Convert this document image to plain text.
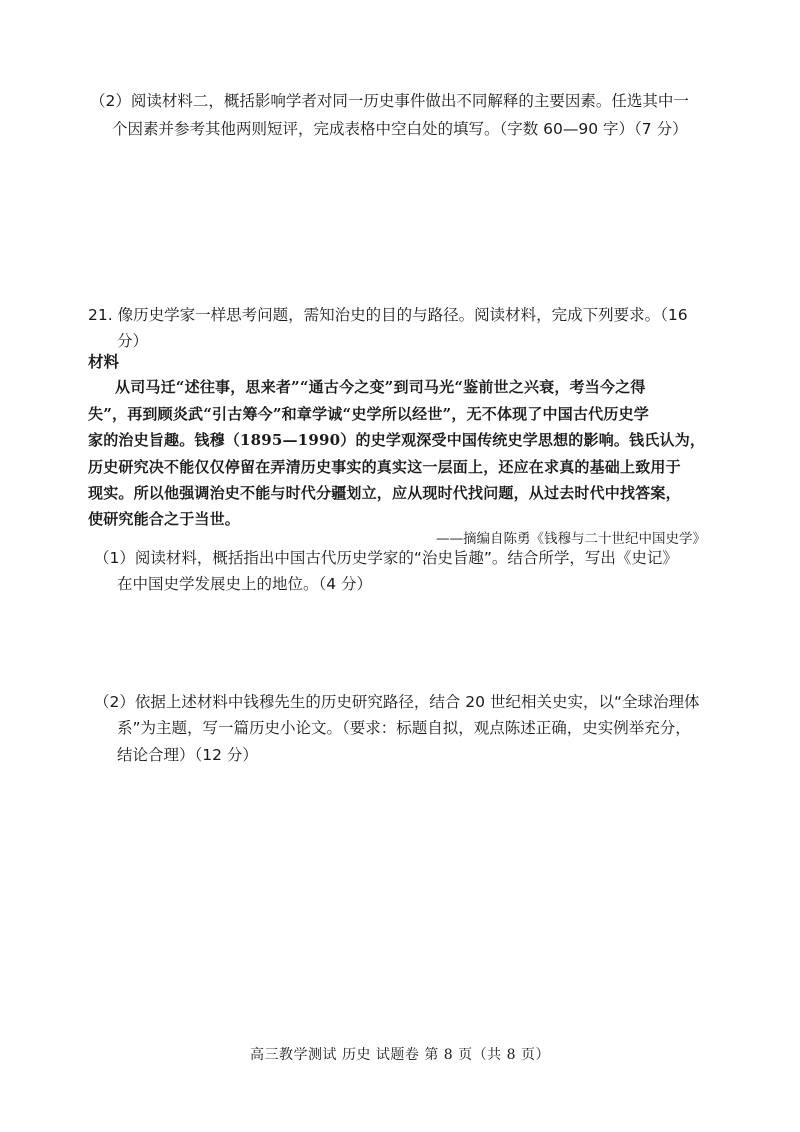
（2）阅读材料二，概括影响学者对同一历史事件做出不同解释的主要因素。任选其中一
个因素并参考其他两则短评，完成表格中空白处的填写。（字数 60—90 字）（7 分）
21. 像历史学家一样思考问题，需知治史的目的与路径。阅读材料，完成下列要求。（16
分）
材料
从司马迁“述往事，思来者”“通古今之变”到司马光“鉴前世之兴衰，考当今之得
失”，再到顾炎武“引古筹今”和章学诚“史学所以经世”，无不体现了中国古代历史学
家的治史旨趣。钱穆（1895—1990）的史学观深受中国传统史学思想的影响。钱氏认为，
历史研究决不能仅仅停留在弄清历史事实的真实这一层面上，还应在求真的基础上致用于
现实。所以他强调治史不能与时代分疆划立，应从现时代找问题，从过去时代中找答案，
使研究能合之于当世。
——摘编自陈勇《钱穆与二十世纪中国史学》
（1）阅读材料，概括指出中国古代历史学家的“治史旨趣”。结合所学，写出《史记》
在中国史学发展史上的地位。（4 分）
（2）依据上述材料中钱穆先生的历史研究路径，结合 20 世纪相关史实，以“全球治理体
系”为主题，写一篇历史小论文。（要求：标题自拟，观点陈述正确，史实例举充分，
结论合理）（12 分）
高三教学测试 历史 试题卷 第 8 页（共 8 页）
